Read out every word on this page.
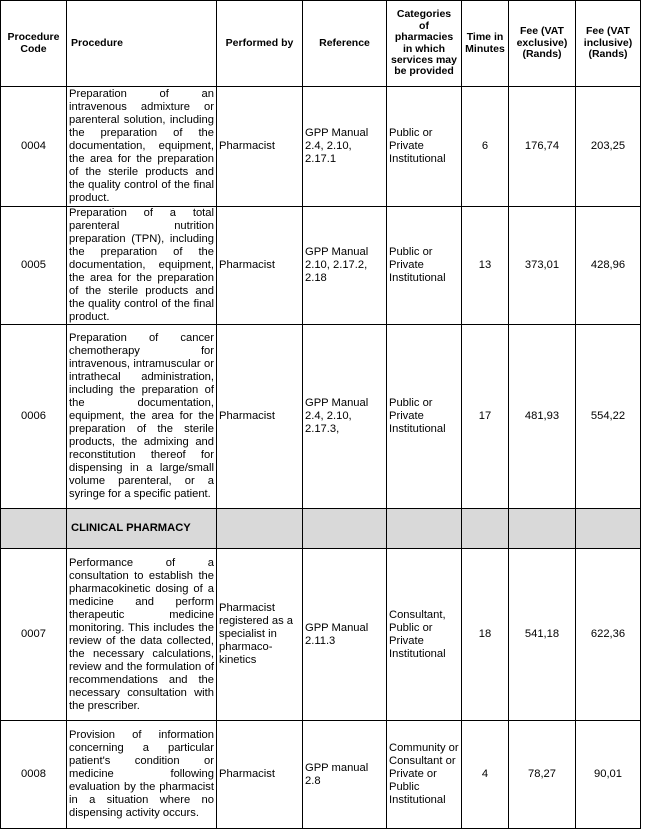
Procedure Code	Procedure	Performed by	Reference	Categories of pharmacies in which services may be provided	Time in Minutes	Fee (VAT exclusive) (Rands)	Fee (VAT inclusive) (Rands)
0004	Preparation of an intravenous admixture or parenteral solution, including the preparation of the documentation, equipment, the area for the preparation of the sterile products and the quality control of the final product.	Pharmacist	GPP Manual 2.4, 2.10, 2.17.1	Public or Private Institutional	6	176,74	203,25
0005	Preparation of a total parenteral nutrition preparation (TPN), including the preparation of the documentation, equipment, the area for the preparation of the sterile products and the quality control of the final product.	Pharmacist	GPP Manual 2.10, 2.17.2, 2.18	Public or Private Institutional	13	373,01	428,96
0006	Preparation of cancer chemotherapy for intravenous, intramuscular or intrathecal administration, including the preparation of the documentation, equipment, the area for the preparation of the sterile products, the admixing and reconstitution thereof for dispensing in a large/small volume parenteral, or a syringe for a specific patient.	Pharmacist	GPP Manual 2.4, 2.10, 2.17.3,	Public or Private Institutional	17	481,93	554,22
	CLINICAL PHARMACY						
0007	Performance of a consultation to establish the pharmacokinetic dosing of a medicine and perform therapeutic medicine monitoring. This includes the review of the data collected, the necessary calculations, review and the formulation of recommendations and the necessary consultation with the prescriber.	Pharmacist registered as a specialist in pharmaco-kinetics	GPP Manual 2.11.3	Consultant, Public or Private Institutional	18	541,18	622,36
0008	Provision of information concerning a particular patient's condition or medicine following evaluation by the pharmacist in a situation where no dispensing activity occurs.	Pharmacist	GPP manual 2.8	Community or Consultant or Private or Public Institutional	4	78,27	90,01
